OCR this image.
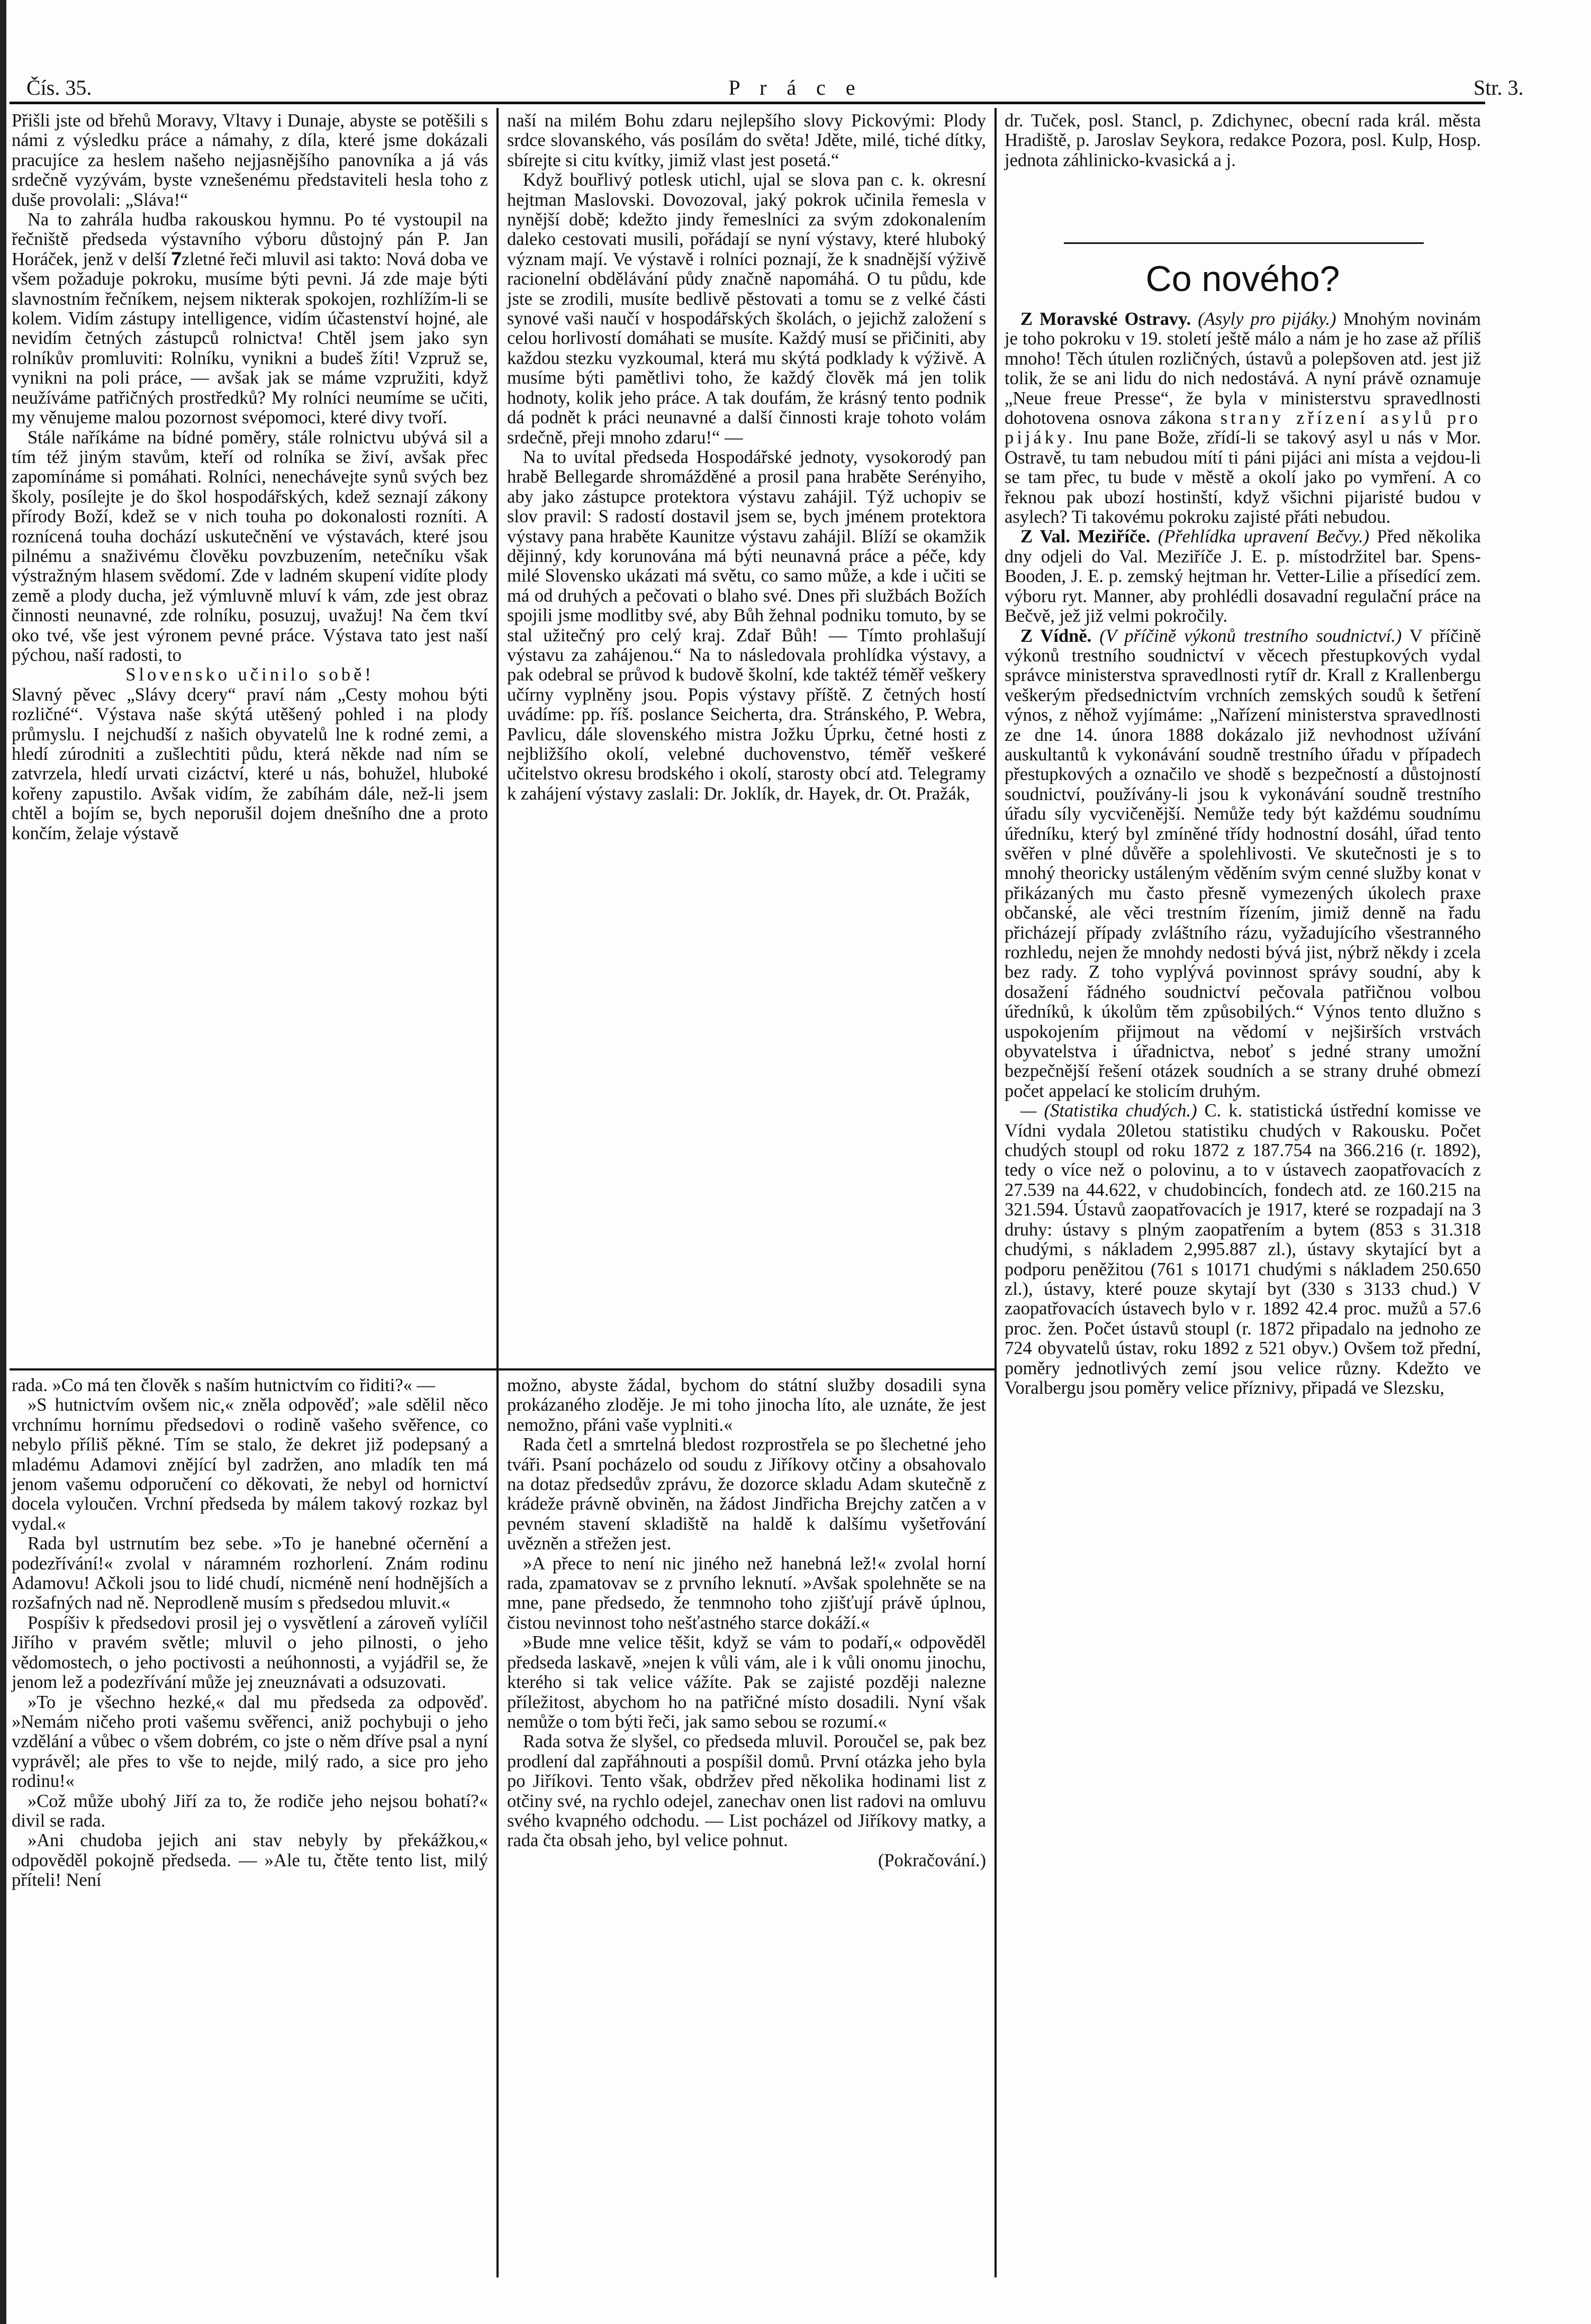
Čís. 35.	P r á c e	Str. 3.

Přišli jste od břehů Moravy, Vltavy i Dunaje, abyste se potěšili s námi z výsledku práce a námahy, z díla, které jsme dokázali pracujíce za heslem našeho nejjasnějšího panovníka a já vás srdečně vyzývám, byste vznešenému představiteli hesla toho z duše provolali: „Sláva!“

Na to zahrála hudba rakouskou hymnu. Po té vystoupil na řečniště předseda výstavního výboru důstojný pán P. Jan Horáček, jenž v delší 𝟕zletné řeči mluvil asi takto: Nová doba ve všem požaduje pokroku, musíme býti pevni. Já zde maje býti slavnostním řečníkem, nejsem nikterak spokojen, rozhlížím-li se kolem. Vidím zástupy intelligence, vidím účastenství hojné, ale nevidím četných zástupců rolnictva! Chtěl jsem jako syn rolníkův promluviti: Rolníku, vynikni a budeš žíti! Vzpruž se, vynikni na poli práce, — avšak jak se máme vzpružiti, když neužíváme patřičných prostředků? My rolníci neumíme se učiti, my věnujeme malou pozornost svépomoci, které divy tvoří.

Stále naříkáme na bídné poměry, stále rolnictvu ubývá sil a tím též jiným stavům, kteří od rolníka se živí, avšak přec zapomínáme si pomáhati. Rolníci, nenechávejte synů svých bez školy, posílejte je do škol hospodářských, kdež seznají zákony přírody Boží, kdež se v nich touha po dokonalosti rozníti. A roznícená touha dochází uskutečnění ve výstavách, které jsou pilnému a snaživému člověku povzbuzením, netečníku však výstražným hlasem svědomí. Zde v ladném skupení vidíte plody země a plody ducha, jež výmluvně mluví k vám, zde jest obraz činnosti neunavné, zde rolníku, posuzuj, uvažuj! Na čem tkví oko tvé, vše jest výronem pevné práce. Výstava tato jest naší pýchou, naší radosti, to

Slovensko učinilo sobě!

Slavný pěvec „Slávy dcery“ praví nám „Cesty mohou býti rozličné“. Výstava naše skýtá utěšený pohled i na plody průmyslu. I nejchudší z našich obyvatelů lne k rodné zemi, a hledí zúrodniti a zušlechtiti půdu, která někde nad ním se zatvrzela, hledí urvati cizáctví, které u nás, bohužel, hluboké kořeny zapustilo. Avšak vidím, že zabíhám dále, než-li jsem chtěl a bojím se, bych neporušil dojem dnešního dne a proto končím, želaje výstavě

naší na milém Bohu zdaru nejlepšího slovy Pickovými: Plody srdce slovanského, vás posílám do světa! Jděte, milé, tiché dítky, sbírejte si citu kvítky, jimiž vlast jest posetá.“

Když bouřlivý potlesk utichl, ujal se slova pan c. k. okresní hejtman Maslovski. Dovozoval, jaký pokrok učinila řemesla v nynější době; kdežto jindy řemeslníci za svým zdokonalením daleko cestovati musili, pořádají se nyní výstavy, které hluboký význam mají. Ve výstavě i rolníci poznají, že k snadnější výživě racionelní obdělávání půdy značně napomáhá. O tu půdu, kde jste se zrodili, musíte bedlivě pěstovati a tomu se z velké části synové vaši naučí v hospodářských školách, o jejichž založení s celou horlivostí domáhati se musíte. Každý musí se přičiniti, aby každou stezku vyzkoumal, která mu skýtá podklady k výživě. A musíme býti pamětlivi toho, že každý člověk má jen tolik hodnoty, kolik jeho práce. A tak doufám, že krásný tento podnik dá podnět k práci neunavné a další činnosti kraje tohoto volám srdečně, přeji mnoho zdaru!“ —

Na to uvítal předseda Hospodářské jednoty, vysokorodý pan hrabě Bellegarde shromážděné a prosil pana hraběte Serényiho, aby jako zástupce protektora výstavu zahájil. Týž uchopiv se slov pravil: S radostí dostavil jsem se, bych jménem protektora výstavy pana hraběte Kaunitze výstavu zahájil. Blíží se okamžik dějinný, kdy korunována má býti neunavná práce a péče, kdy milé Slovensko ukázati má světu, co samo může, a kde i učiti se má od druhých a pečovati o blaho své. Dnes při službách Božích spojili jsme modlitby své, aby Bůh žehnal podniku tomuto, by se stal užitečný pro celý kraj. Zdař Bůh! — Tímto prohlašují výstavu za zahájenou.“ Na to následovala prohlídka výstavy, a pak odebral se průvod k budově školní, kde taktéž téměř veškery učírny vyplněny jsou. Popis výstavy příště. Z četných hostí uvádíme: pp. říš. poslance Seicherta, dra. Stránského, P. Webra, Pavlicu, dále slovenského mistra Jožku Úprku, četné hosti z nejbližšího okolí, velebné duchovenstvo, téměř veškeré učitelstvo okresu brodského i okolí, starosty obcí atd. Telegramy k zahájení výstavy zaslali: Dr. Joklík, dr. Hayek, dr. Ot. Pražák,

rada. »Co má ten člověk s naším hutnictvím co řiditi?« —

»S hutnictvím ovšem nic,« zněla odpověď; »ale sdělil něco vrchnímu hornímu předsedovi o rodině vašeho svěřence, co nebylo příliš pěkné. Tím se stalo, že dekret již podepsaný a mladému Adamovi znějící byl zadržen, ano mladík ten má jenom vašemu odporučení co děkovati, že nebyl od hornictví docela vyloučen. Vrchní předseda by málem takový rozkaz byl vydal.«

Rada byl ustrnutím bez sebe. »To je hanebné očernění a podezřívání!« zvolal v náramném rozhorlení. Znám rodinu Adamovu! Ačkoli jsou to lidé chudí, nicméně není hodnějších a rozšafných nad ně. Neprodleně musím s předsedou mluvit.«

Pospíšiv k předsedovi prosil jej o vysvětlení a zároveň vylíčil Jiřího v pravém světle; mluvil o jeho pilnosti, o jeho vědomostech, o jeho poctivosti a neúhonnosti, a vyjádřil se, že jenom lež a podezřívání může jej zneuznávati a odsuzovati.

»To je všechno hezké,« dal mu předseda za odpověď. »Nemám ničeho proti vašemu svěřenci, aniž pochybuji o jeho vzdělání a vůbec o všem dobrém, co jste o něm dříve psal a nyní vyprávěl; ale přes to vše to nejde, milý rado, a sice pro jeho rodinu!«

»Což může ubohý Jiří za to, že rodiče jeho nejsou bohatí?« divil se rada.

»Ani chudoba jejich ani stav nebyly by překážkou,« odpověděl pokojně předseda. — »Ale tu, čtěte tento list, milý příteli! Není

možno, abyste žádal, bychom do státní služby dosadili syna prokázaného zloděje. Je mi toho jinocha líto, ale uznáte, že jest nemožno, přáni vaše vyplniti.«

Rada četl a smrtelná bledost rozprostřela se po šlechetné jeho tváři. Psaní pocházelo od soudu z Jiříkovy otčiny a obsahovalo na dotaz předsedův zprávu, že dozorce skladu Adam skutečně z krádeže právně obviněn, na žádost Jindřicha Brejchy zatčen a v pevném stavení skladiště na haldě k dalšímu vyšetřování uvězněn a střežen jest.

»A přece to není nic jiného než hanebná lež!« zvolal horní rada, zpamatovav se z prvního leknutí. »Avšak spolehněte se na mne, pane předsedo, že tenmnoho toho zjišťují právě úplnou, čistou nevinnost toho nešťastného starce dokáží.«

»Bude mne velice těšit, když se vám to podaří,« odpověděl předseda laskavě, »nejen k vůli vám, ale i k vůli onomu jinochu, kterého si tak velice vážíte. Pak se zajisté později nalezne příležitost, abychom ho na patřičné místo dosadili. Nyní však nemůže o tom býti řeči, jak samo sebou se rozumí.«

Rada sotva že slyšel, co předseda mluvil. Poroučel se, pak bez prodlení dal zapřáhnouti a pospíšil domů. První otázka jeho byla po Jiříkovi. Tento však, obdržev před několika hodinami list z otčiny své, na rychlo odejel, zanechav onen list radovi na omluvu svého kvapného odchodu. — List pocházel od Jiříkovy matky, a rada čta obsah jeho, byl velice pohnut.

(Pokračování.)

dr. Tuček, posl. Stancl, p. Zdichynec, obecní rada král. města Hradiště, p. Jaroslav Seykora, redakce Pozora, posl. Kulp, Hosp. jednota záhlinicko-kvasická a j.

Co nového?

Z Moravské Ostravy. (Asyly pro pijáky.) Mnohým novinám je toho pokroku v 19. století ještě málo a nám je ho zase až příliš mnoho! Těch útulen rozličných, ústavů a polepšoven atd. jest již tolik, že se ani lidu do nich nedostává. A nyní právě oznamuje „Neue freue Presse“, že byla v ministerstvu spravedlnosti dohotovena osnova zákona strany zřízení asylů pro pijáky. Inu pane Bože, zřídí-li se takový asyl u nás v Mor. Ostravě, tu tam nebudou mítí ti páni pijáci ani místa a vejdou-li se tam přec, tu bude v městě a okolí jako po vymření. A co řeknou pak ubozí hostinští, když všichni pijaristé budou v asylech? Ti takovému pokroku zajisté přáti nebudou.

Z Val. Meziříče. (Přehlídka upravení Bečvy.) Před několika dny odjeli do Val. Meziříče J. E. p. místodržitel bar. Spens-Booden, J. E. p. zemský hejtman hr. Vetter-Lilie a přísedící zem. výboru ryt. Manner, aby prohlédli dosavadní regulační práce na Bečvě, jež již velmi pokročily.

Z Vídně. (V příčině výkonů trestního soudnictví.) V příčině výkonů trestního soudnictví v věcech přestupkových vydal správce ministerstva spravedlnosti rytíř dr. Krall z Krallenbergu veškerým předsednictvím vrchních zemských soudů k šetření výnos, z něhož vyjímáme: „Nařízení ministerstva spravedlnosti ze dne 14. února 1888 dokázalo již nevhodnost užívání auskultantů k vykonávání soudně trestního úřadu v případech přestupkových a označilo ve shodě s bezpečností a důstojností soudnictví, používány-li jsou k vykonávání soudně trestního úřadu síly vycvičenější. Nemůže tedy být každému soudnímu úředníku, který byl zmíněné třídy hodnostní dosáhl, úřad tento svěřen v plné důvěře a spolehlivosti. Ve skutečnosti je s to mnohý theoricky ustáleným věděním svým cenné služby konat v přikázaných mu často přesně vymezených úkolech praxe občanské, ale věci trestním řízením, jimiž denně na řadu přicházejí případy zvláštního rázu, vyžadujícího všestranného rozhledu, nejen že mnohdy nedosti bývá jist, nýbrž někdy i zcela bez rady. Z toho vyplývá povinnost správy soudní, aby k dosažení řádného soudnictví pečovala patřičnou volbou úředníků, k úkolům těm způsobilých.“ Výnos tento dlužno s uspokojením přijmout na vědomí v nejširších vrstvách obyvatelstva i úřadnictva, neboť s jedné strany umožní bezpečnější řešení otázek soudních a se strany druhé obmezí počet appelací ke stolicím druhým.

— (Statistika chudých.) C. k. statistická ústřední komisse ve Vídni vydala 20letou statistiku chudých v Rakousku. Počet chudých stoupl od roku 1872 z 187.754 na 366.216 (r. 1892), tedy o více než o polovinu, a to v ústavech zaopatřovacích z 27.539 na 44.622, v chudobincích, fondech atd. ze 160.215 na 321.594. Ústavů zaopatřovacích je 1917, které se rozpadají na 3 druhy: ústavy s plným zaopatřením a bytem (853 s 31.318 chudými, s nákladem 2,995.887 zl.), ústavy skytající byt a podporu peněžitou (761 s 10171 chudými s nákladem 250.650 zl.), ústavy, které pouze skytají byt (330 s 3133 chud.) V zaopatřovacích ústavech bylo v r. 1892 42.4 proc. mužů a 57.6 proc. žen. Počet ústavů stoupl (r. 1872 připadalo na jednoho ze 724 obyvatelů ústav, roku 1892 z 521 obyv.) Ovšem tož přední, poměry jednotlivých zemí jsou velice různy. Kdežto ve Voralbergu jsou poměry velice příznivy, připadá ve Slezsku,
